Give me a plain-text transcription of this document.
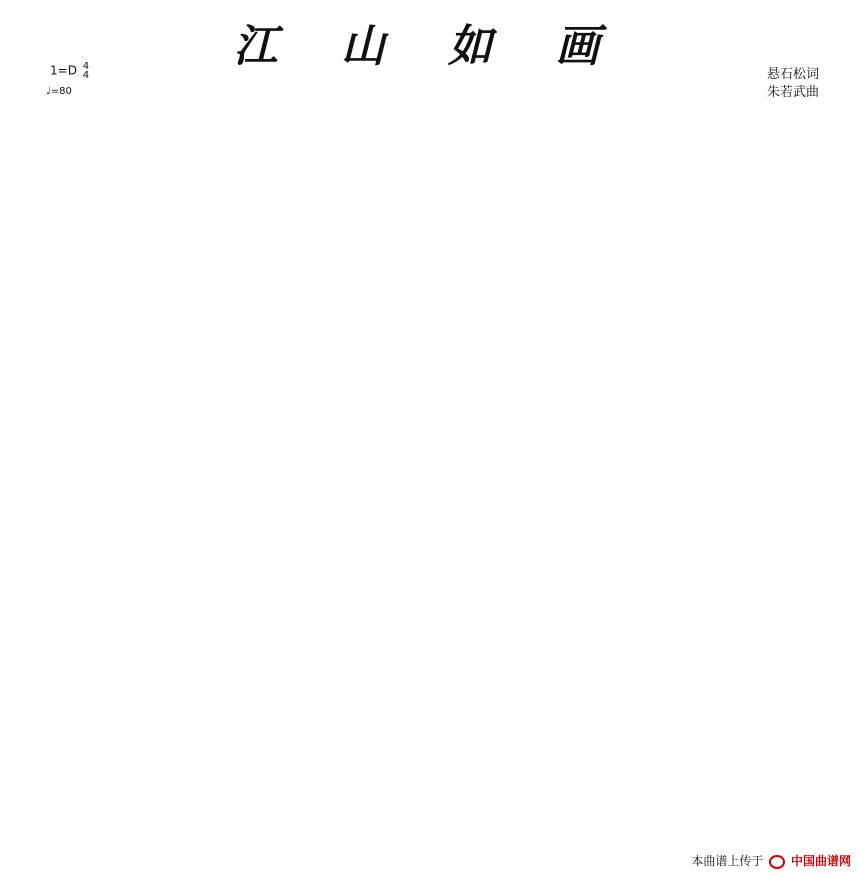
江 山 如 画
1=D 4
4
♩=80
悬石松词
朱若武曲
本曲谱上传于 中国曲谱网
